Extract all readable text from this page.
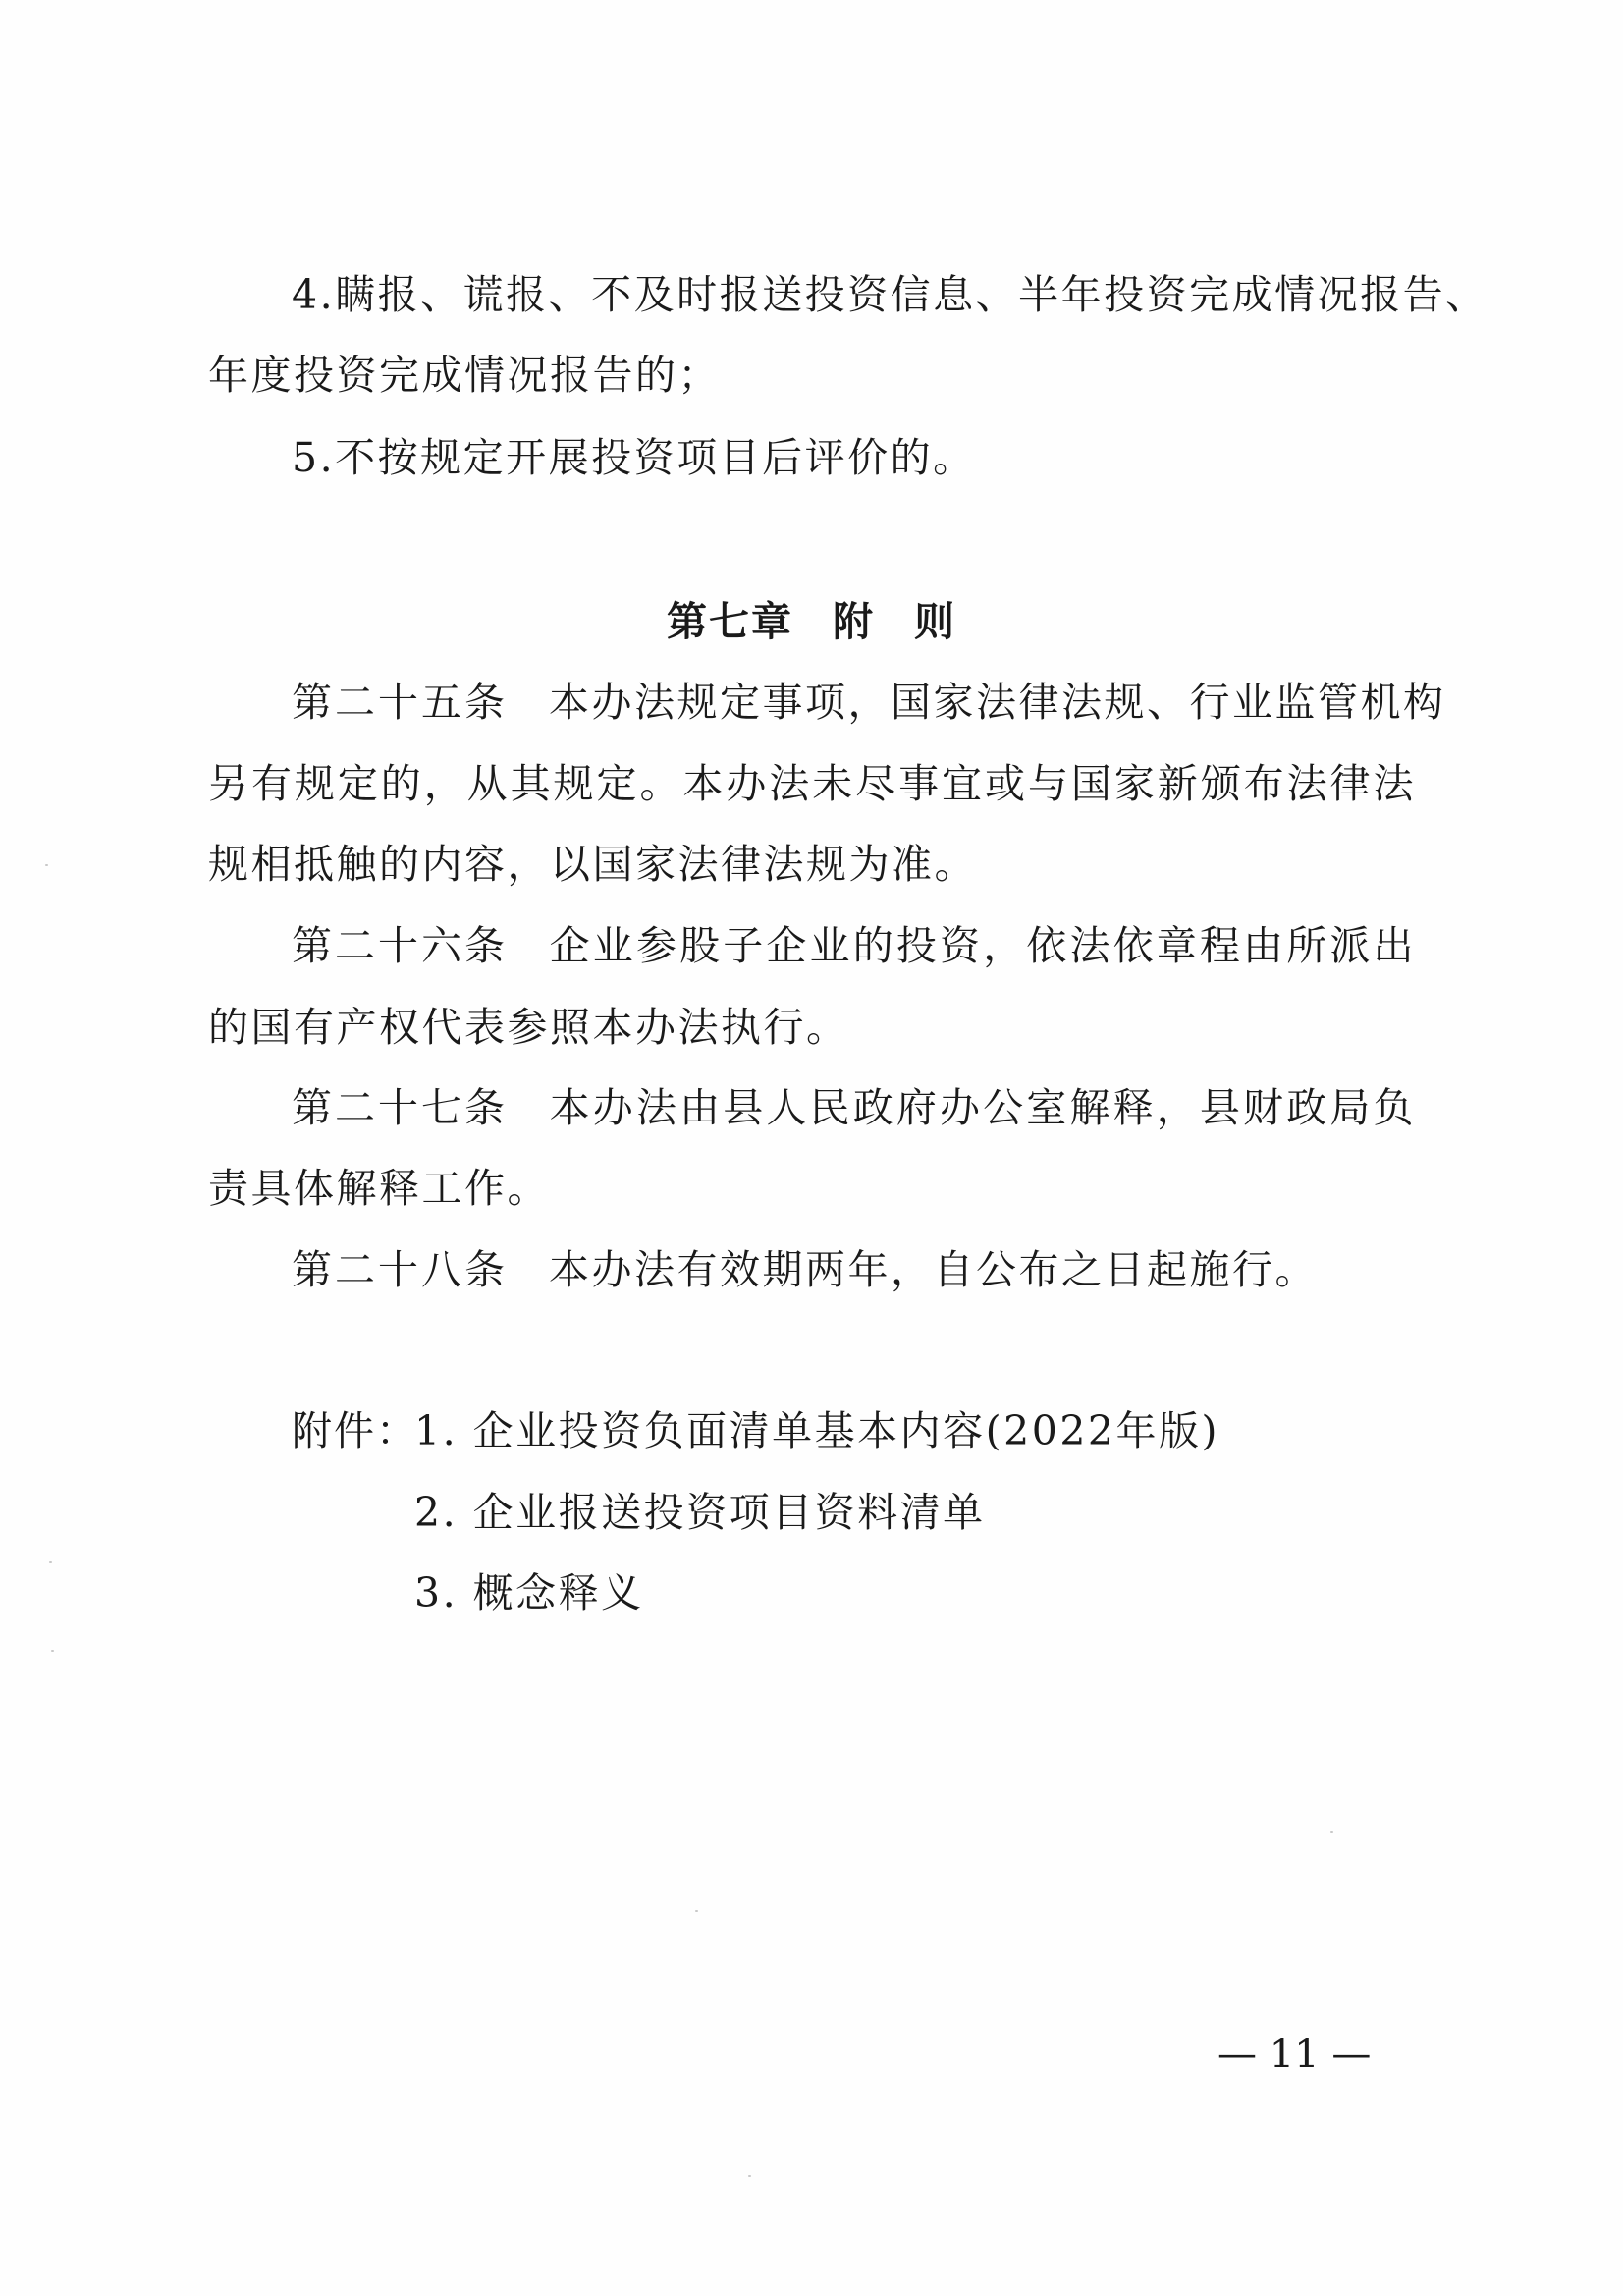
4.瞒报、谎报、不及时报送投资信息、半年投资完成情况报告、
年度投资完成情况报告的；
5.不按规定开展投资项目后评价的。
第七章 附 则
第二十五条 本办法规定事项，国家法律法规、行业监管机构
另有规定的，从其规定。本办法未尽事宜或与国家新颁布法律法
规相抵触的内容，以国家法律法规为准。
第二十六条 企业参股子企业的投资，依法依章程由所派出
的国有产权代表参照本办法执行。
第二十七条 本办法由县人民政府办公室解释，县财政局负
责具体解释工作。
第二十八条 本办法有效期两年，自公布之日起施行。
附件：
1. 企业投资负面清单基本内容(2022年版)
2. 企业报送投资项目资料清单
3. 概念释义
— 11 —
